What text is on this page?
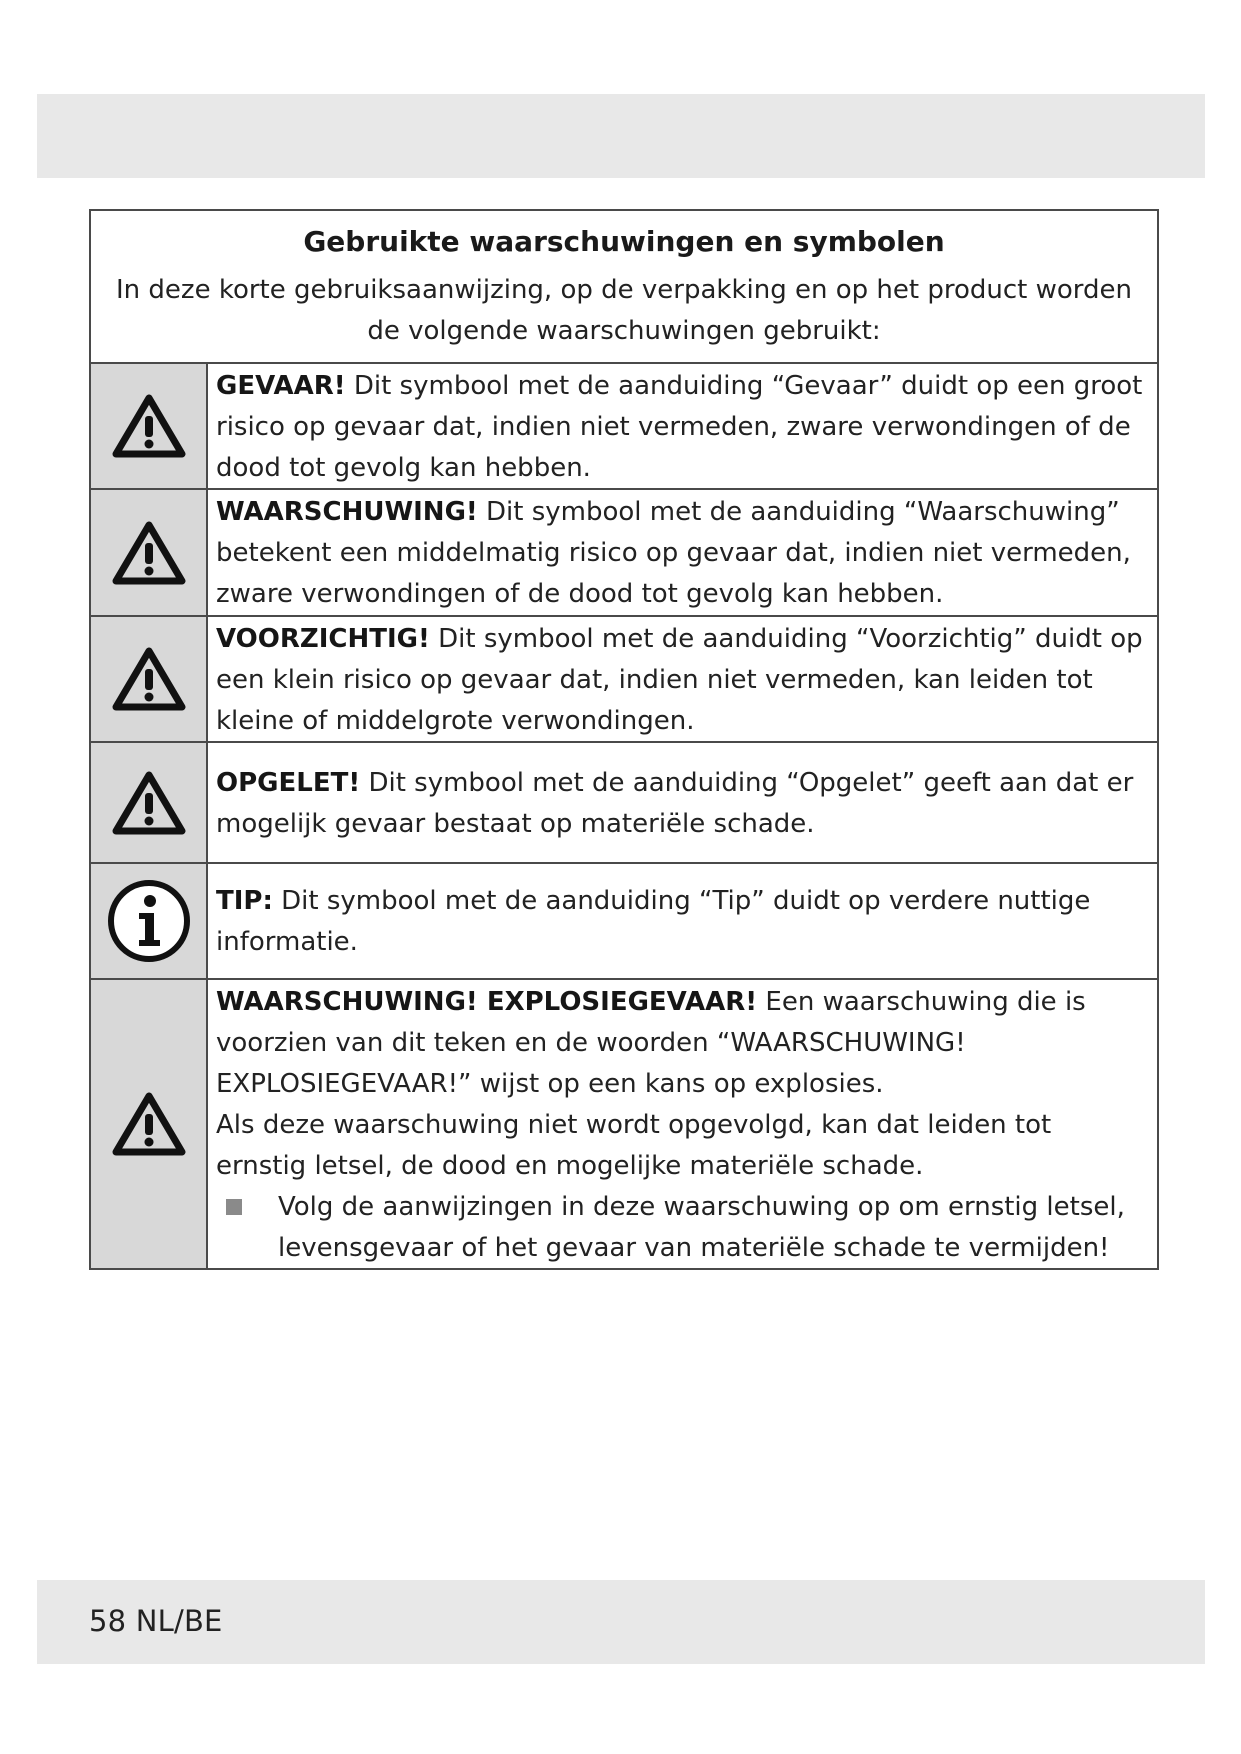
Gebruikte waarschuwingen en symbolen
In deze korte gebruiksaanwijzing, op de verpakking en op het product worden de volgende waarschuwingen gebruikt:
GEVAAR! Dit symbool met de aanduiding “Gevaar” duidt op een groot risico op gevaar dat, indien niet vermeden, zware verwondingen of de dood tot gevolg kan hebben.
WAARSCHUWING! Dit symbool met de aanduiding “Waarschuwing” betekent een middelmatig risico op gevaar dat, indien niet vermeden, zware verwondingen of de dood tot gevolg kan hebben.
VOORZICHTIG! Dit symbool met de aanduiding “Voorzichtig” duidt op een klein risico op gevaar dat, indien niet vermeden, kan leiden tot kleine of middelgrote verwondingen.
OPGELET! Dit symbool met de aanduiding “Opgelet” geeft aan dat er mogelijk gevaar bestaat op materiële schade.
TIP: Dit symbool met de aanduiding “Tip” duidt op verdere nuttige informatie.
WAARSCHUWING! EXPLOSIEGEVAAR! Een waarschuwing die is voorzien van dit teken en de woorden “WAARSCHUWING! EXPLOSIEGEVAAR!” wijst op een kans op explosies.
Als deze waarschuwing niet wordt opgevolgd, kan dat leiden tot ernstig letsel, de dood en mogelijke materiële schade.
Volg de aanwijzingen in deze waarschuwing op om ernstig letsel, levensgevaar of het gevaar van materiële schade te vermijden!
58 NL/BE
